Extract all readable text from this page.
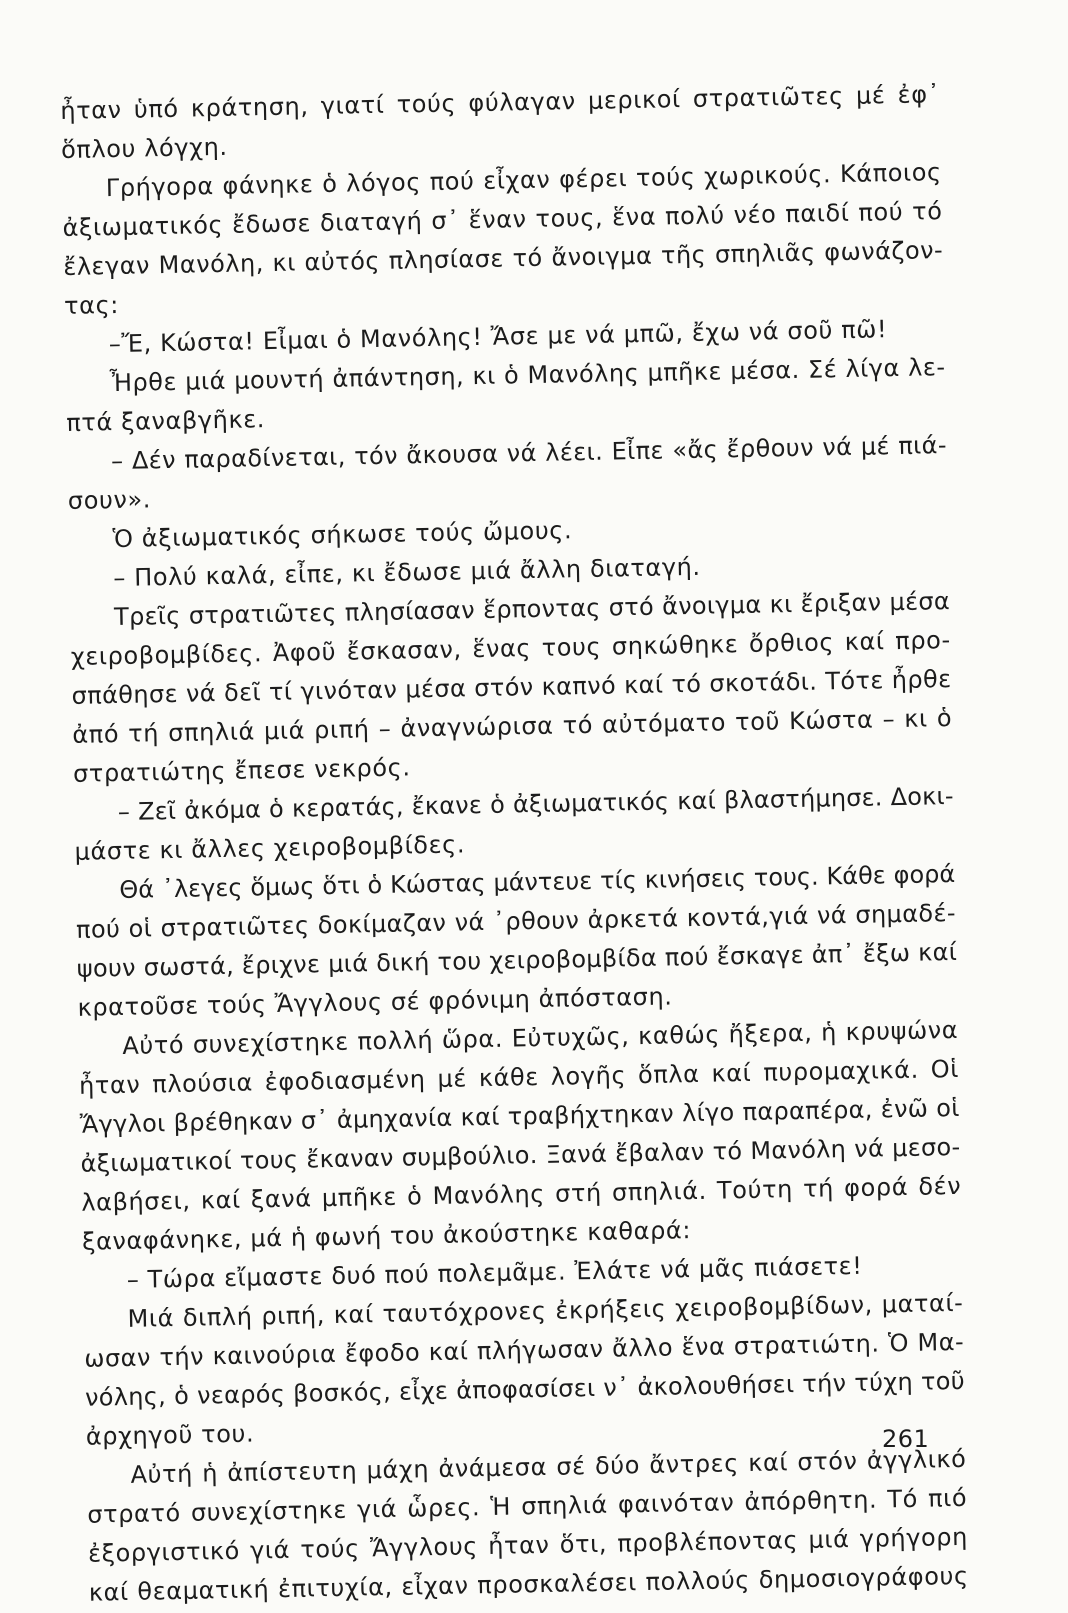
ἦταν ὑπό κράτηση, γιατί τούς φύλαγαν μερικοί στρατιῶτες μέ ἐφ᾽
ὅπλου λόγχη.
Γρήγορα φάνηκε ὁ λόγος πού εἶχαν φέρει τούς χωρικούς. Κάποιος
ἀξιωματικός ἔδωσε διαταγή σ᾽ ἕναν τους, ἕνα πολύ νέο παιδί πού τό
ἔλεγαν Μανόλη, κι αὐτός πλησίασε τό ἄνοιγμα τῆς σπηλιᾶς φωνάζον-
τας:
–Ἔ, Κώστα! Εἶμαι ὁ Μανόλης! Ἄσε με νά μπῶ, ἔχω νά σοῦ πῶ!
Ἦρθε μιά μουντή ἀπάντηση, κι ὁ Μανόλης μπῆκε μέσα. Σέ λίγα λε-
πτά ξαναβγῆκε.
– Δέν παραδίνεται, τόν ἄκουσα νά λέει. Εἶπε «ἄς ἔρθουν νά μέ πιά-
σουν».
Ὁ ἀξιωματικός σήκωσε τούς ὤμους.
– Πολύ καλά, εἶπε, κι ἔδωσε μιά ἄλλη διαταγή.
Τρεῖς στρατιῶτες πλησίασαν ἕρποντας στό ἄνοιγμα κι ἔριξαν μέσα
χειροβομβίδες. Ἀφοῦ ἔσκασαν, ἕνας τους σηκώθηκε ὄρθιος καί προ-
σπάθησε νά δεῖ τί γινόταν μέσα στόν καπνό καί τό σκοτάδι. Τότε ἦρθε
ἀπό τή σπηλιά μιά ριπή – ἀναγνώρισα τό αὐτόματο τοῦ Κώστα – κι ὁ
στρατιώτης ἔπεσε νεκρός.
– Ζεῖ ἀκόμα ὁ κερατάς, ἔκανε ὁ ἀξιωματικός καί βλαστήμησε. Δοκι-
μάστε κι ἄλλες χειροβομβίδες.
Θά ᾽λεγες ὅμως ὅτι ὁ Κώστας μάντευε τίς κινήσεις τους. Κάθε φορά
πού οἱ στρατιῶτες δοκίμαζαν νά ᾽ρθουν ἀρκετά κοντά,γιά νά σημαδέ-
ψουν σωστά, ἔριχνε μιά δική του χειροβομβίδα πού ἔσκαγε ἀπ᾽ ἔξω καί
κρατοῦσε τούς Ἄγγλους σέ φρόνιμη ἀπόσταση.
Αὐτό συνεχίστηκε πολλή ὥρα. Εὐτυχῶς, καθώς ἤξερα, ἡ κρυψώνα
ἦταν πλούσια ἐφοδιασμένη μέ κάθε λογῆς ὅπλα καί πυρομαχικά. Οἱ
Ἄγγλοι βρέθηκαν σ᾽ ἀμηχανία καί τραβήχτηκαν λίγο παραπέρα, ἐνῶ οἱ
ἀξιωματικοί τους ἔκαναν συμβούλιο. Ξανά ἔβαλαν τό Μανόλη νά μεσο-
λαβήσει, καί ξανά μπῆκε ὁ Μανόλης στή σπηλιά. Τούτη τή φορά δέν
ξαναφάνηκε, μά ἡ φωνή του ἀκούστηκε καθαρά:
– Τώρα εἴμαστε δυό πού πολεμᾶμε. Ἐλάτε νά μᾶς πιάσετε!
Μιά διπλή ριπή, καί ταυτόχρονες ἐκρήξεις χειροβομβίδων, ματαί-
ωσαν τήν καινούρια ἔφοδο καί πλήγωσαν ἄλλο ἕνα στρατιώτη. Ὁ Μα-
νόλης, ὁ νεαρός βοσκός, εἶχε ἀποφασίσει ν᾽ ἀκολουθήσει τήν τύχη τοῦ
ἀρχηγοῦ του.
Αὐτή ἡ ἀπίστευτη μάχη ἀνάμεσα σέ δύο ἄντρες καί στόν ἀγγλικό
στρατό συνεχίστηκε γιά ὧρες. Ἡ σπηλιά φαινόταν ἀπόρθητη. Τό πιό
ἐξοργιστικό γιά τούς Ἄγγλους ἦταν ὅτι, προβλέποντας μιά γρήγορη
καί θεαματική ἐπιτυχία, εἶχαν προσκαλέσει πολλούς δημοσιογράφους
261
